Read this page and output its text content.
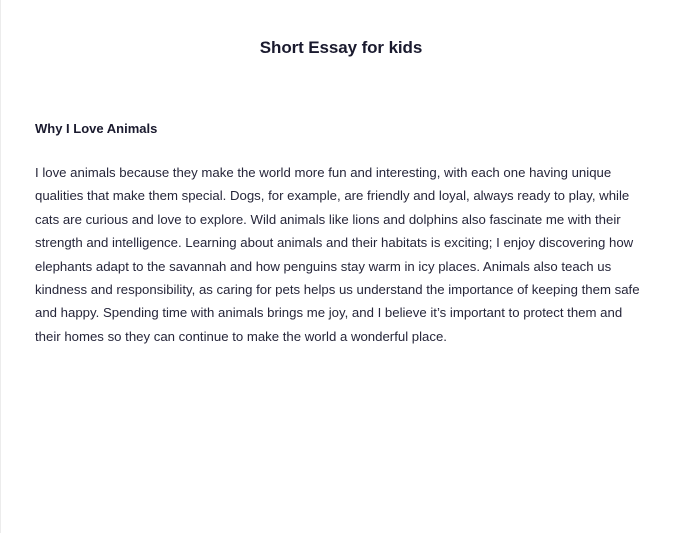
Short Essay for kids
Why I Love Animals

I love animals because they make the world more fun and interesting, with each one having unique qualities that make them special. Dogs, for example, are friendly and loyal, always ready to play, while cats are curious and love to explore. Wild animals like lions and dolphins also fascinate me with their strength and intelligence. Learning about animals and their habitats is exciting; I enjoy discovering how elephants adapt to the savannah and how penguins stay warm in icy places. Animals also teach us kindness and responsibility, as caring for pets helps us understand the importance of keeping them safe and happy. Spending time with animals brings me joy, and I believe it’s important to protect them and their homes so they can continue to make the world a wonderful place.
